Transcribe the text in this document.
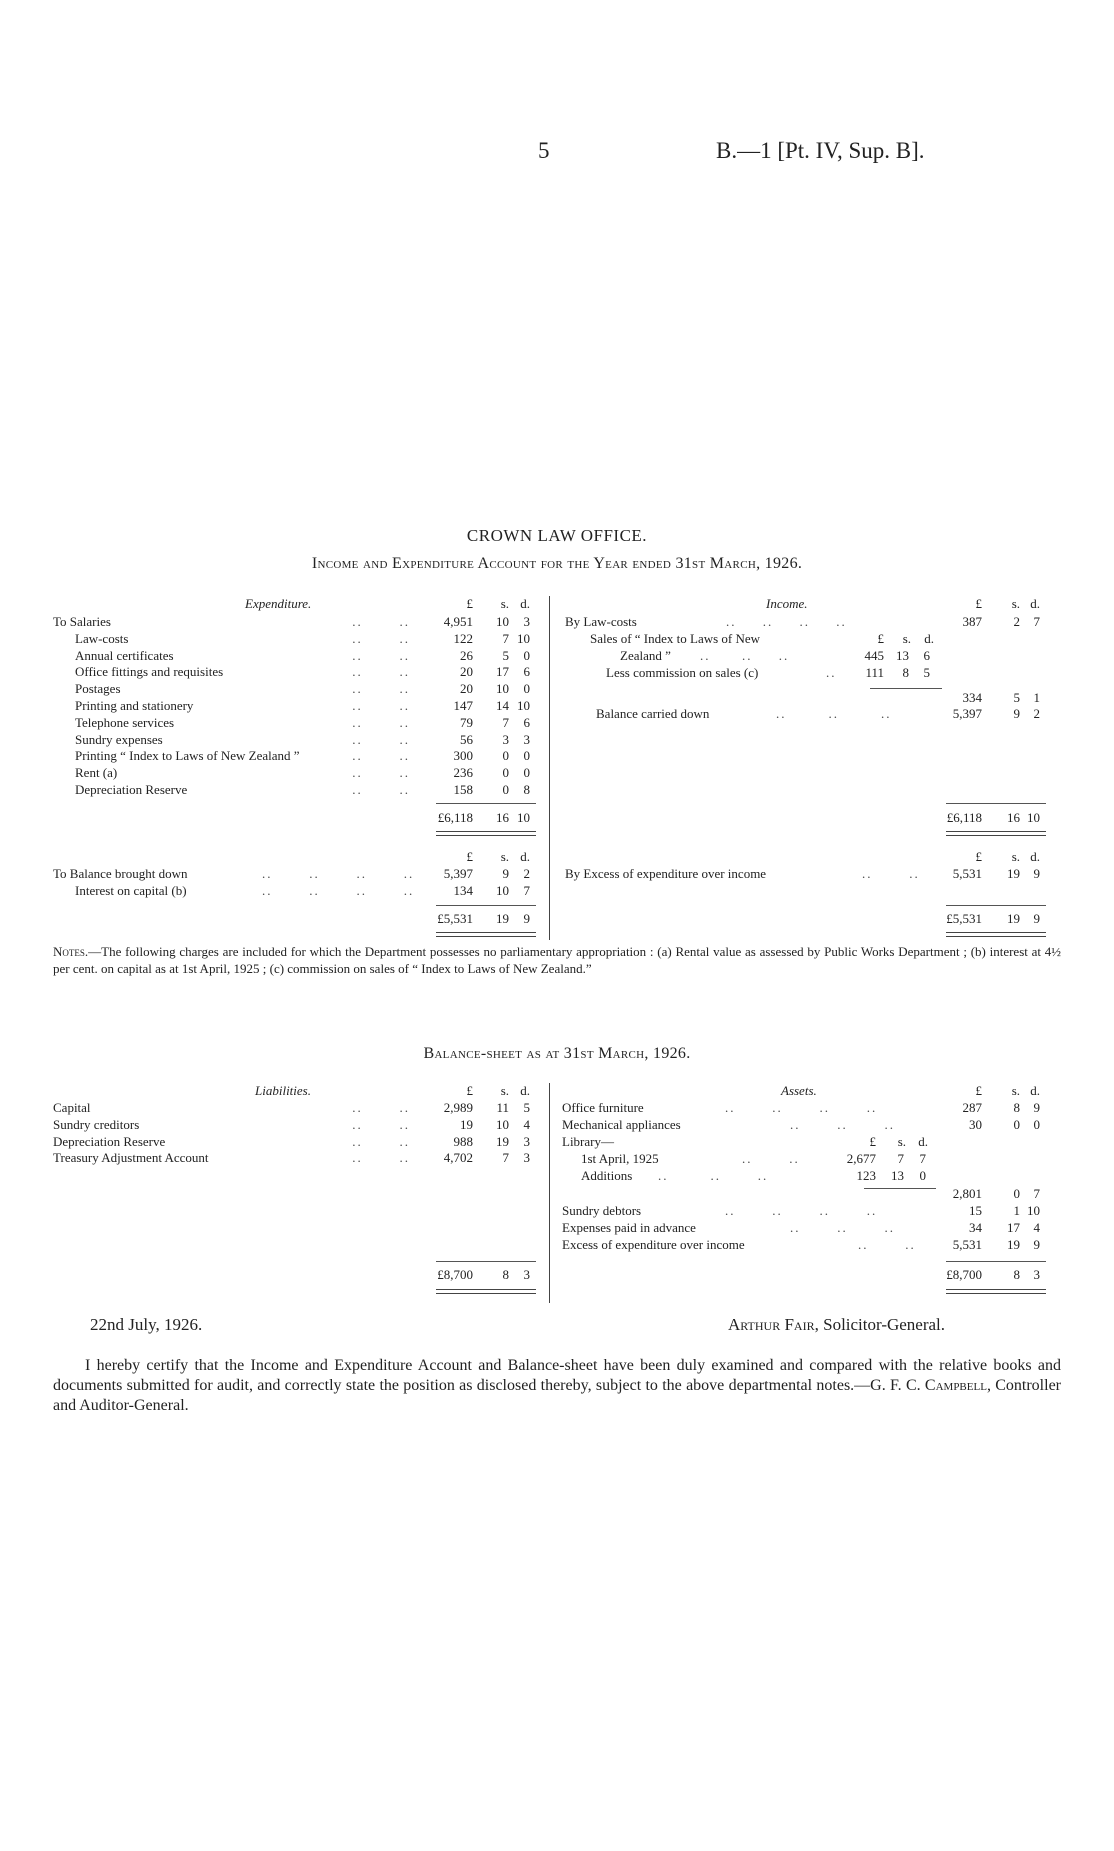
5	B.—1 [Pt. IV, Sup. B].
CROWN LAW OFFICE.
Income and Expenditure Account for the Year ended 31st March, 1926.
Expenditure.	Income.
£	s. d.	£	s. d.
To Salaries	..       ..	4,951	10	3
Law-costs	..       ..	122	7 10
Annual certificates	..       ..	26	5	0
Office fittings and requisites	..       ..	20	17	6
Postages	..       ..	20	10	0
Printing and stationery	..       ..	147	14 10
Telephone services	..       ..	79	7	6
Sundry expenses	..       ..	56	3	3
Printing “ Index to Laws of New Zealand ”	..       ..	300	0	0
Rent (a)	..       ..	236	0	0
Depreciation Reserve	..       ..	158	0	8
£6,118	16 10
By Law-costs	..     ..     ..     ..	387	2	7
Sales of “ Index to Laws of New	£	s.	d.
Zealand ” ..      ..     ..	445 13	6
Less commission on sales (c)	..	111	8	5
334	5	1
Balance carried down	..        ..        ..	5,397	9	2
£6,118	16 10
£	s. d.	£	s. d.
To Balance brought down	..       ..       ..       ..	5,397	9	2
Interest on capital (b)	..       ..       ..       ..	134	10	7
£5,531	19	9
By Excess of expenditure over income	..       ..	5,531	19	9
£5,531	19	9
Notes.—The following charges are included for which the Department possesses no parliamentary appropriation : (a) Rental value as assessed by Public Works Department ; (b) interest at 4½ per cent. on capital as at 1st April, 1925 ; (c) commission on sales of “ Index to Laws of New Zealand.”
Balance-sheet as at 31st March, 1926.
Liabilities.	Assets.
£	s. d.	£	s. d.
Capital	..       ..	2,989	11	5
Sundry creditors	..       ..	19	10	4
Depreciation Reserve	..       ..	988	19	3
Treasury Adjustment Account	..       ..	4,702	7	3
£8,700	8	3
Office furniture	..       ..       ..       ..	287	8	9
Mechanical appliances	..       ..       ..	30	0	0
Library—	£	s. d.
1st April, 1925	..       ..	2,677	7	7
Additions ..        ..       ..	123	13	0
2,801	0	7
Sundry debtors	..       ..       ..       ..	15	1 10
Expenses paid in advance	..       ..       ..	34	17	4
Excess of expenditure over income	..       ..	5,531	19	9
£8,700	8	3
22nd July, 1926.	Arthur Fair, Solicitor-General.
I hereby certify that the Income and Expenditure Account and Balance-sheet have been duly examined and compared with the relative books and documents submitted for audit, and correctly state the position as disclosed thereby, subject to the above departmental notes.—G. F. C. Campbell, Controller and Auditor-General.
